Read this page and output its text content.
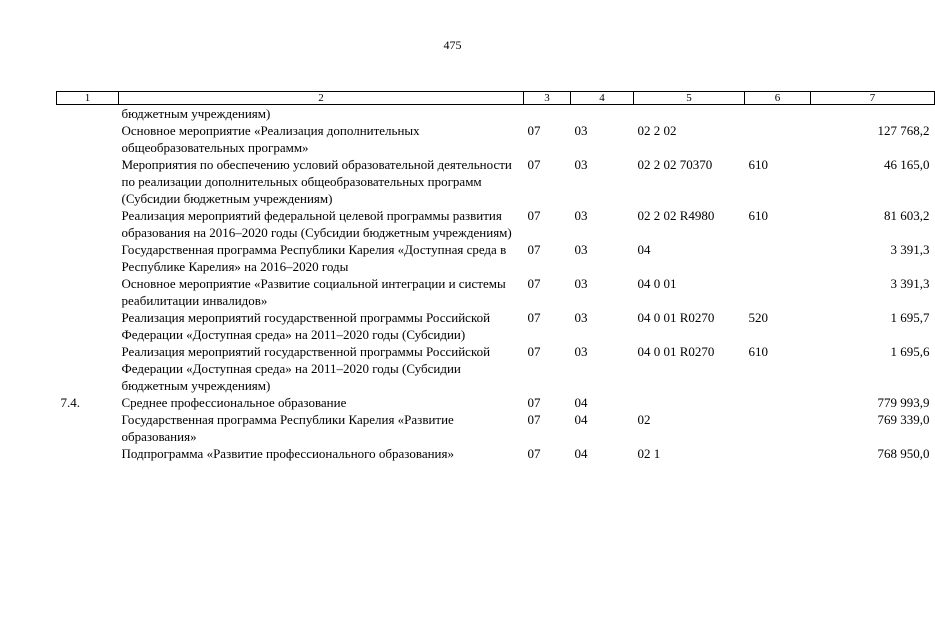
475
1	2	3	4	5	6	7
	бюджетным учреждениям)					
	Основное мероприятие «Реализация дополнительных общеобразовательных программ»	07	03	02 2 02		127 768,2
	Мероприятия по обеспечению условий образовательной деятельности по реализации дополнительных общеобразовательных программ (Субсидии бюджетным учреждениям)	07	03	02 2 02 70370	610	46 165,0
	Реализация мероприятий федеральной целевой программы развития образования на 2016–2020 годы (Субсидии бюджетным учреждениям)	07	03	02 2 02 R4980	610	81 603,2
	Государственная программа Республики Карелия «Доступная среда в Республике Карелия» на 2016–2020 годы	07	03	04		3 391,3
	Основное мероприятие «Развитие социальной интеграции и системы реабилитации инвалидов»	07	03	04 0 01		3 391,3
	Реализация мероприятий государственной программы Российской Федерации «Доступная среда» на 2011–2020 годы (Субсидии)	07	03	04 0 01 R0270	520	1 695,7
	Реализация мероприятий государственной программы Российской Федерации «Доступная среда» на 2011–2020 годы (Субсидии бюджетным учреждениям)	07	03	04 0 01 R0270	610	1 695,6
7.4.	Среднее профессиональное образование	07	04			779 993,9
	Государственная программа Республики Карелия «Развитие образования»	07	04	02		769 339,0
	Подпрограмма «Развитие профессионального образования»	07	04	02 1		768 950,0
